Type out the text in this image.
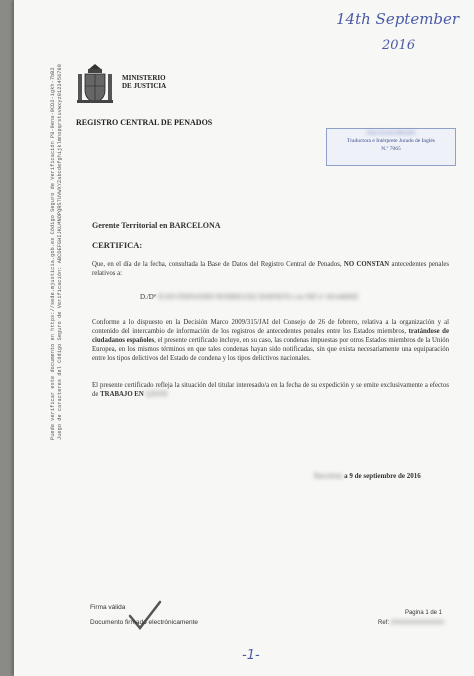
Puede verificar este documento en https://sede.mjusticia.gob.es Código Seguro de Verificación P8-9ena-9CD2-1gkh-7bB2 Juego de caracteres del Código Seguro de Verificación: ABCDEFGHIJKLMNOPQRSTUVWXYZabcdefghijklmnopqrstuvwxyz0123456789
14th September
2016
MINISTERIO
DE JUSTICIA
REGISTRO CENTRAL DE PENADOS
Inma Acosta Mansilla
Traductora e Intérprete Jurado de Inglés
N.º 7065
Gerente Territorial en BARCELONA
CERTIFICA:
Que, en el día de la fecha, consultada la Base de Datos del Registro Central de Penados, NO CONSTAN antecedentes penales relativos a:
D./Dª JUAN FERNANDO RODRIGUEZ BARNETO con NIF nº 46144890Z
Conforme a lo dispuesto en la Decisión Marco 2009/315/JAI del Consejo de 26 de febrero, relativa a la organización y al contenido del intercambio de información de los registros de antecedentes penales entre los Estados miembros, tratándose de ciudadanos españoles, el presente certificado incluye, en su caso, las condenas impuestas por otros Estados miembros de la Unión Europea, en los mismos términos en que tales condenas hayan sido notificadas, sin que exista necesariamente una equiparación entre los tipos delictivos del Estado de condena y los tipos delictivos nacionales.
El presente certificado refleja la situación del titular interesado/a en la fecha de su expedición y se emite exclusivamente a efectos de TRABAJO EN QATAR
Barcelona a 9 de septiembre de 2016
Firma válida
Documento firmado electrónicamente
Pagina 1 de 1
Ref: 0000000000000000
-1-
